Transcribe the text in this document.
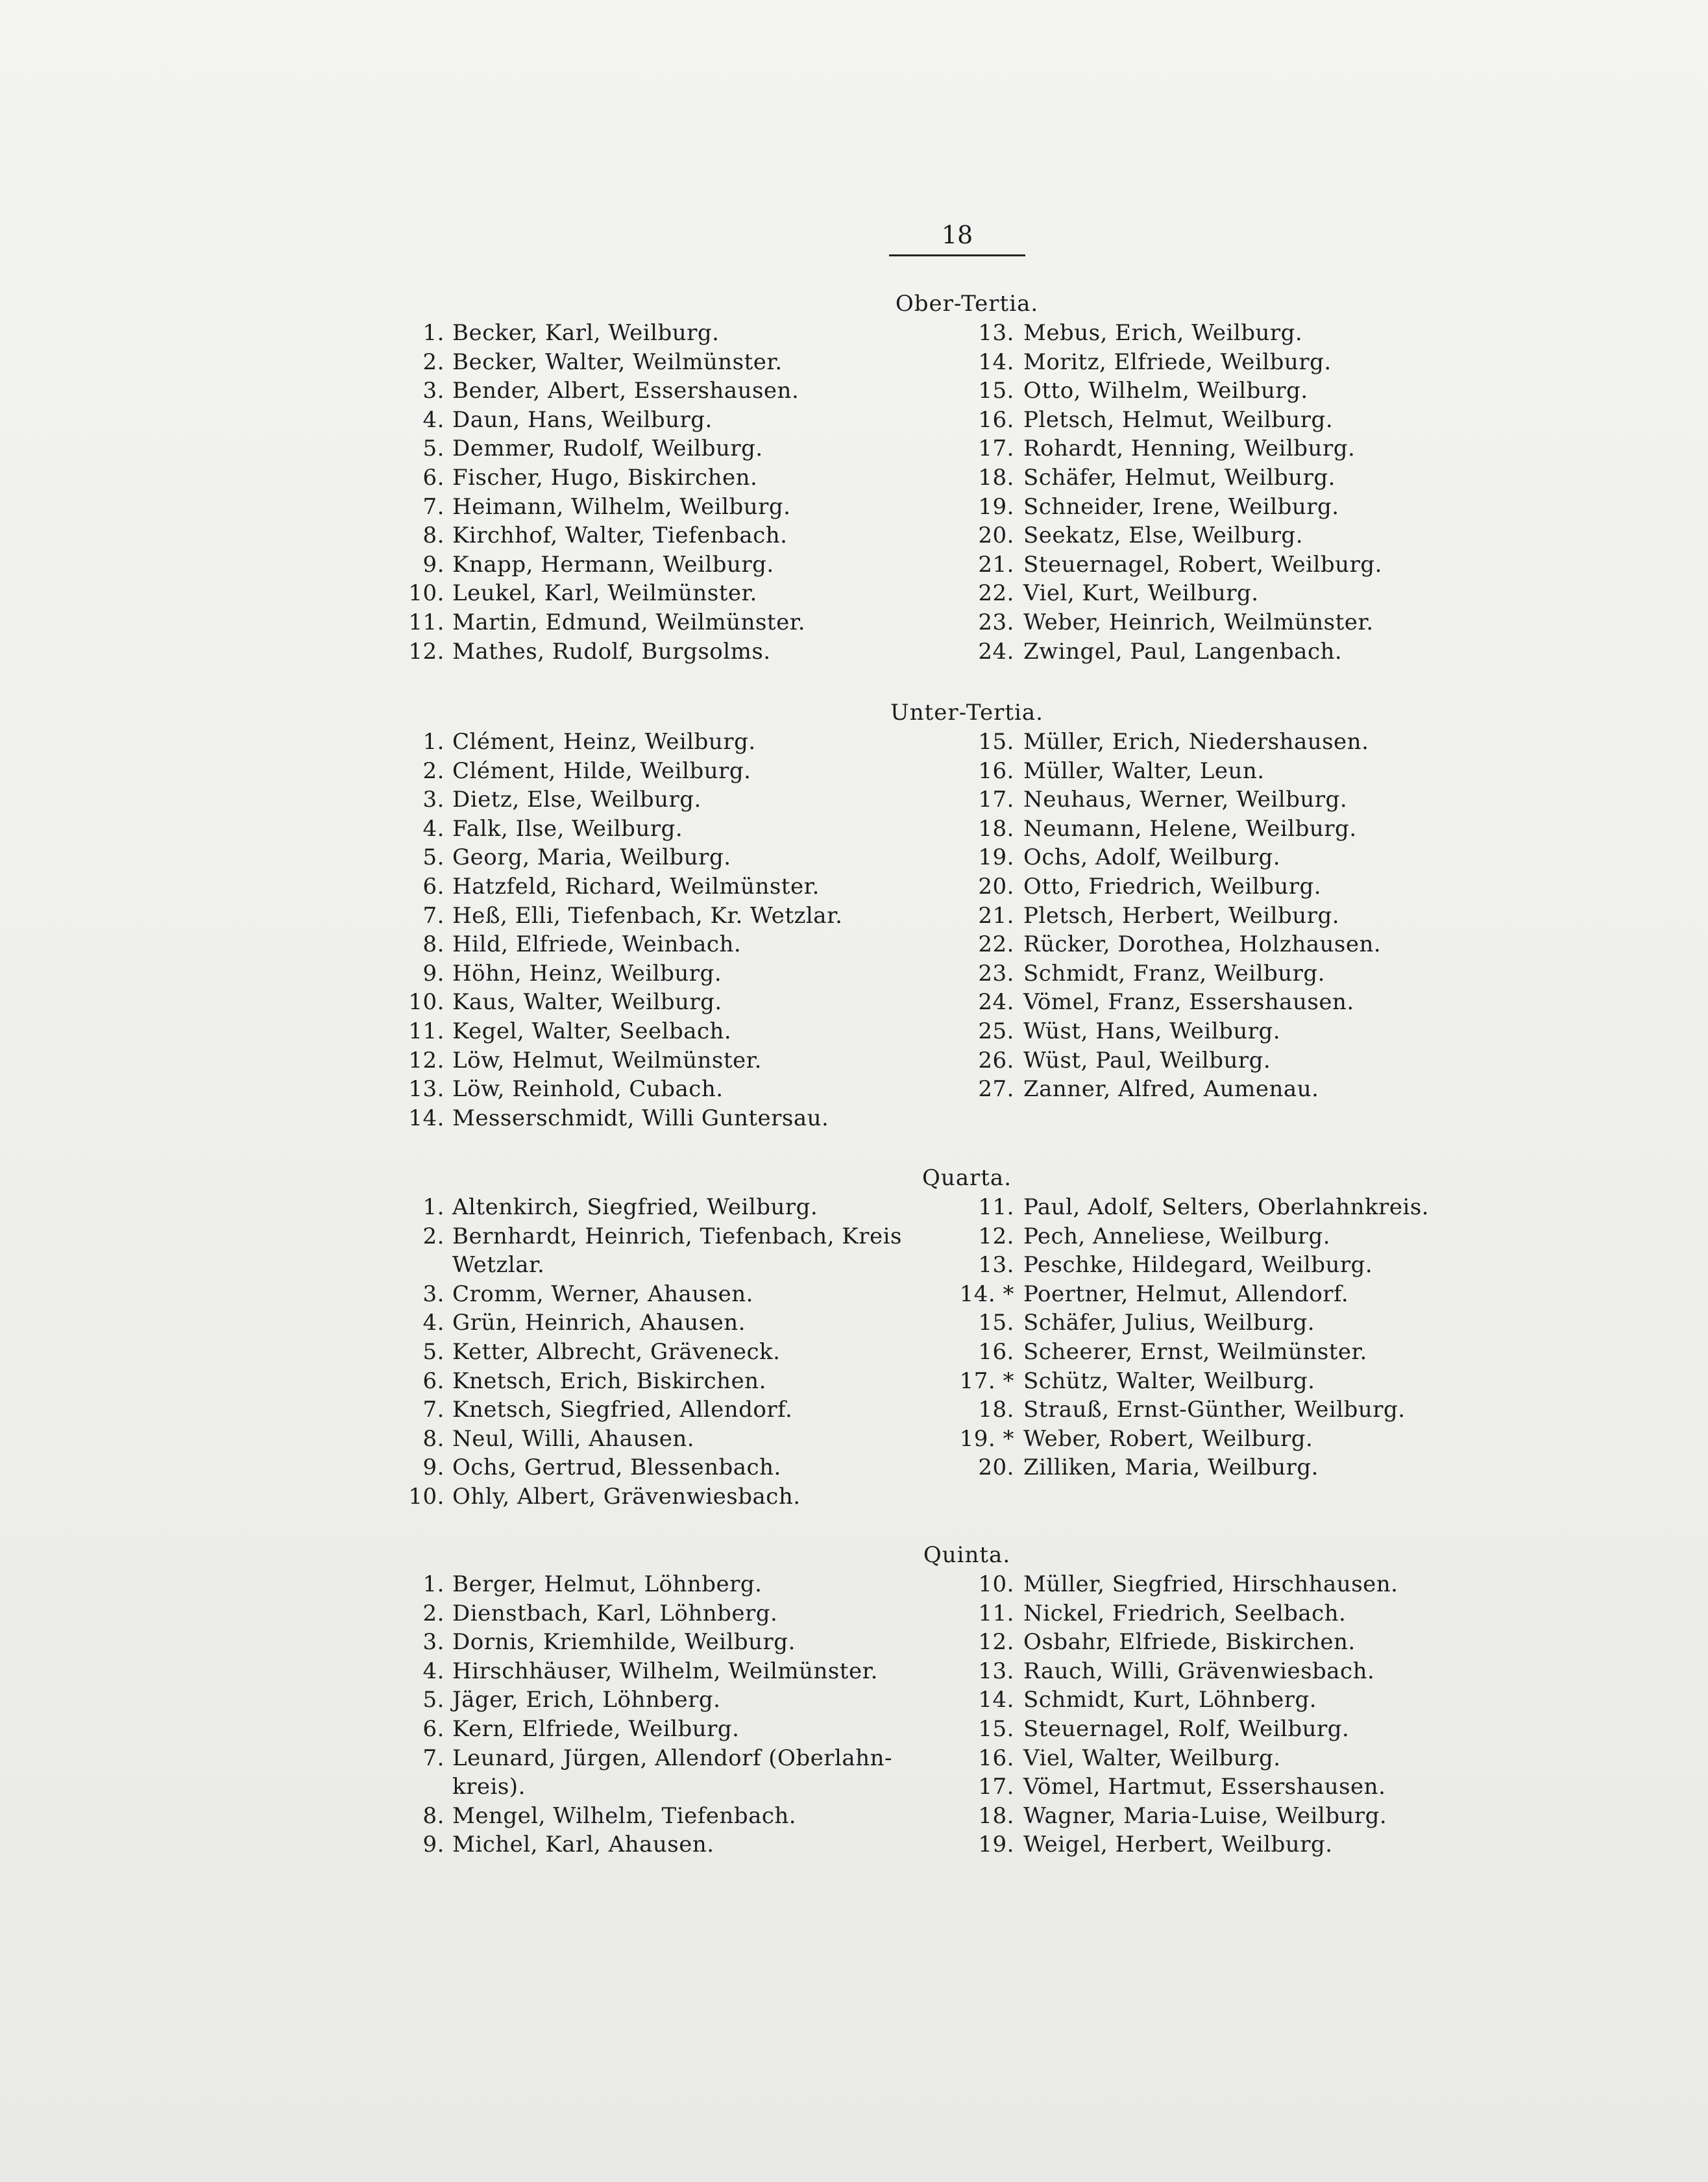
18
Ober-Tertia.
1. Becker, Karl, Weilburg.
2. Becker, Walter, Weilmünster.
3. Bender, Albert, Essershausen.
4. Daun, Hans, Weilburg.
5. Demmer, Rudolf, Weilburg.
6. Fischer, Hugo, Biskirchen.
7. Heimann, Wilhelm, Weilburg.
8. Kirchhof, Walter, Tiefenbach.
9. Knapp, Hermann, Weilburg.
10. Leukel, Karl, Weilmünster.
11. Martin, Edmund, Weilmünster.
12. Mathes, Rudolf, Burgsolms.
13. Mebus, Erich, Weilburg.
14. Moritz, Elfriede, Weilburg.
15. Otto, Wilhelm, Weilburg.
16. Pletsch, Helmut, Weilburg.
17. Rohardt, Henning, Weilburg.
18. Schäfer, Helmut, Weilburg.
19. Schneider, Irene, Weilburg.
20. Seekatz, Else, Weilburg.
21. Steuernagel, Robert, Weilburg.
22. Viel, Kurt, Weilburg.
23. Weber, Heinrich, Weilmünster.
24. Zwingel, Paul, Langenbach.
Unter-Tertia.
1. Clément, Heinz, Weilburg.
2. Clément, Hilde, Weilburg.
3. Dietz, Else, Weilburg.
4. Falk, Ilse, Weilburg.
5. Georg, Maria, Weilburg.
6. Hatzfeld, Richard, Weilmünster.
7. Heß, Elli, Tiefenbach, Kr. Wetzlar.
8. Hild, Elfriede, Weinbach.
9. Höhn, Heinz, Weilburg.
10. Kaus, Walter, Weilburg.
11. Kegel, Walter, Seelbach.
12. Löw, Helmut, Weilmünster.
13. Löw, Reinhold, Cubach.
14. Messerschmidt, Willi Guntersau.
15. Müller, Erich, Niedershausen.
16. Müller, Walter, Leun.
17. Neuhaus, Werner, Weilburg.
18. Neumann, Helene, Weilburg.
19. Ochs, Adolf, Weilburg.
20. Otto, Friedrich, Weilburg.
21. Pletsch, Herbert, Weilburg.
22. Rücker, Dorothea, Holzhausen.
23. Schmidt, Franz, Weilburg.
24. Vömel, Franz, Essershausen.
25. Wüst, Hans, Weilburg.
26. Wüst, Paul, Weilburg.
27. Zanner, Alfred, Aumenau.
Quarta.
1. Altenkirch, Siegfried, Weilburg.
2. Bernhardt, Heinrich, Tiefenbach, Kreis
Wetzlar.
3. Cromm, Werner, Ahausen.
4. Grün, Heinrich, Ahausen.
5. Ketter, Albrecht, Gräveneck.
6. Knetsch, Erich, Biskirchen.
7. Knetsch, Siegfried, Allendorf.
8. Neul, Willi, Ahausen.
9. Ochs, Gertrud, Blessenbach.
10. Ohly, Albert, Grävenwiesbach.
11. Paul, Adolf, Selters, Oberlahnkreis.
12. Pech, Anneliese, Weilburg.
13. Peschke, Hildegard, Weilburg.
14. * Poertner, Helmut, Allendorf.
15. Schäfer, Julius, Weilburg.
16. Scheerer, Ernst, Weilmünster.
17. * Schütz, Walter, Weilburg.
18. Strauß, Ernst-Günther, Weilburg.
19. * Weber, Robert, Weilburg.
20. Zilliken, Maria, Weilburg.
Quinta.
1. Berger, Helmut, Löhnberg.
2. Dienstbach, Karl, Löhnberg.
3. Dornis, Kriemhilde, Weilburg.
4. Hirschhäuser, Wilhelm, Weilmünster.
5. Jäger, Erich, Löhnberg.
6. Kern, Elfriede, Weilburg.
7. Leunard, Jürgen, Allendorf (Oberlahn-
kreis).
8. Mengel, Wilhelm, Tiefenbach.
9. Michel, Karl, Ahausen.
10. Müller, Siegfried, Hirschhausen.
11. Nickel, Friedrich, Seelbach.
12. Osbahr, Elfriede, Biskirchen.
13. Rauch, Willi, Grävenwiesbach.
14. Schmidt, Kurt, Löhnberg.
15. Steuernagel, Rolf, Weilburg.
16. Viel, Walter, Weilburg.
17. Vömel, Hartmut, Essershausen.
18. Wagner, Maria-Luise, Weilburg.
19. Weigel, Herbert, Weilburg.
